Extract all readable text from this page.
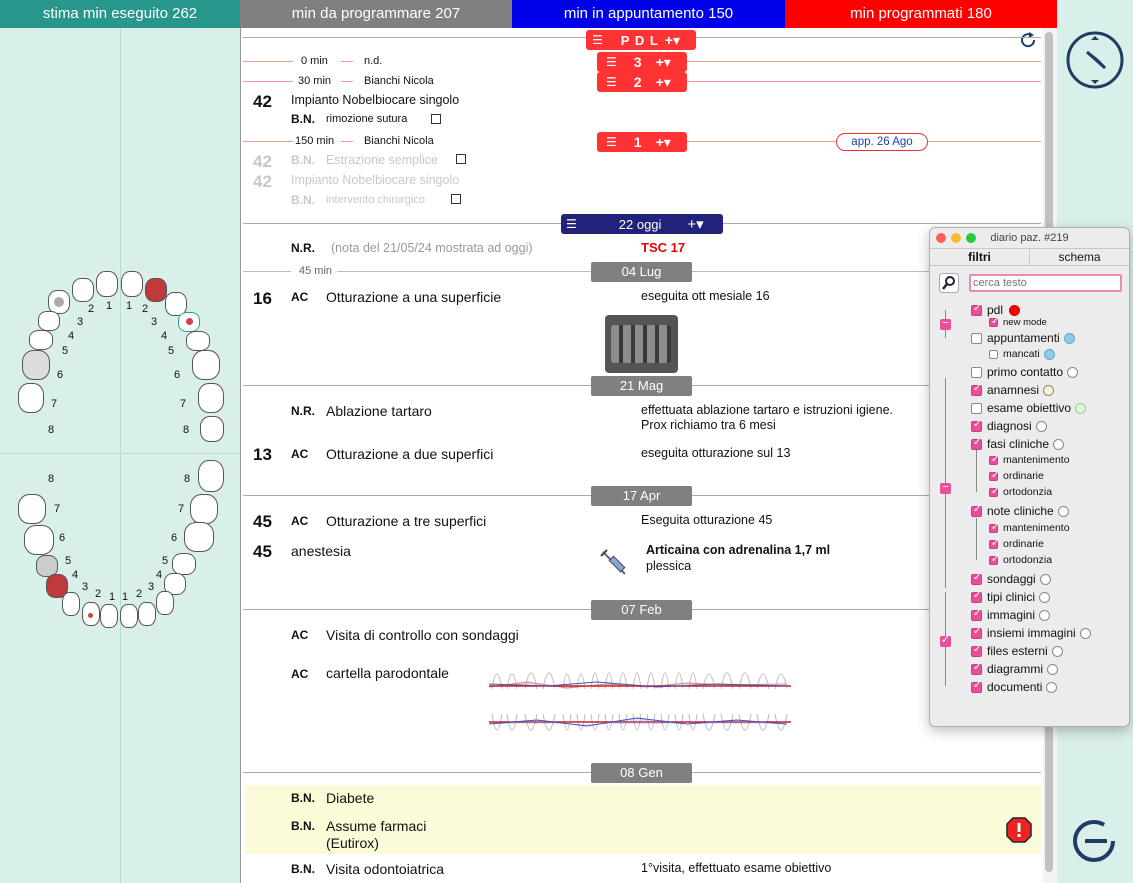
stima min eseguito 262	min da programmare 207	min in appuntamento 150	min programmati 180
1
2
3
4
5
6
7
8
1 2
3
4
5
6
7
8
8
7
6
5
4
3
2 1
8
7
6
5
4
3
2
1
☰ P D L +▾
0 min	n.d.	☰ 3 +▾
30 min	Bianchi Nicola	☰ 2 +▾
42 Impianto Nobelbiocare singolo
B.N. rimozione sutura
150 min	Bianchi Nicola	☰ 1 +▾	app. 26 Ago
42 B.N. Estrazione semplice
42 Impianto Nobelbiocare singolo
B.N. intervento chirurgico
☰	22 oggi +▾
N.R. (nota del 21/05/24 mostrata ad oggi)	TSC 17
45 min	04 Lug
16 AC Otturazione a una superficie	eseguita ott mesiale 16
21 Mag
N.R. Ablazione tartaro	effettuata ablazione tartaro e istruzioni igiene.
Prox richiamo tra 6 mesi
13 AC Otturazione a due superfici	eseguita otturazione sul 13
17 Apr
45 AC Otturazione a tre superfici	Eseguita otturazione 45
45 anestesia	Articaina con adrenalina 1,7 ml
plessica
07 Feb
AC Visita di controllo con sondaggi
AC cartella parodontale
08 Gen
B.N. Diabete
B.N. Assume farmaci
(Eutirox)
B.N. Visita odontoiatrica	1°visita, effettuato esame obiettivo
diario paz. #219
filtri	schema
cerca testo
−
−
✓
✓
pdl
✓
new mode
appuntamenti
mancati
primo contatto
✓
anamnesi
esame obiettivo
✓
diagnosi
✓
fasi cliniche
✓
mantenimento
✓
ordinarie
✓
ortodonzia
✓
note cliniche
✓
mantenimento
✓
ordinarie
✓
ortodonzia
✓
sondaggi
✓
tipi clinici
✓
immagini
✓
insiemi immagini
✓
files esterni
✓
diagrammi
✓
documenti
